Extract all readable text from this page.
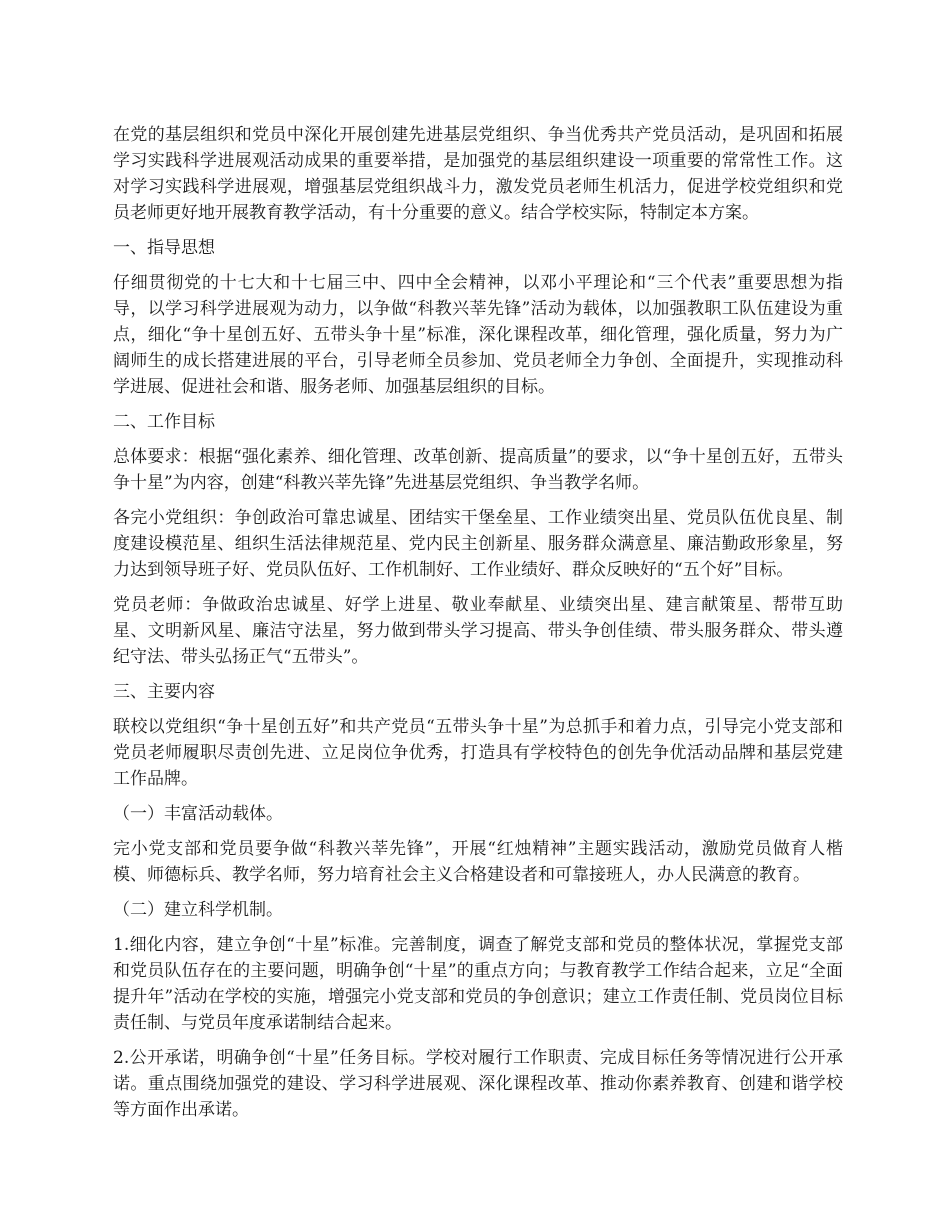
在党的基层组织和党员中深化开展创建先进基层党组织、争当优秀共产党员活动，是巩固和拓展学习实践科学进展观活动成果的重要举措，是加强党的基层组织建设一项重要的常常性工作。这对学习实践科学进展观，增强基层党组织战斗力，激发党员老师生机活力，促进学校党组织和党员老师更好地开展教育教学活动，有十分重要的意义。结合学校实际，特制定本方案。

一、指导思想

仔细贯彻党的十七大和十七届三中、四中全会精神，以邓小平理论和“三个代表”重要思想为指导，以学习科学进展观为动力，以争做“科教兴莘先锋”活动为载体，以加强教职工队伍建设为重点，细化“争十星创五好、五带头争十星”标准，深化课程改革，细化管理，强化质量，努力为广阔师生的成长搭建进展的平台，引导老师全员参加、党员老师全力争创、全面提升，实现推动科学进展、促进社会和谐、服务老师、加强基层组织的目标。

二、工作目标

总体要求：根据“强化素养、细化管理、改革创新、提高质量”的要求，以“争十星创五好，五带头争十星”为内容，创建“科教兴莘先锋”先进基层党组织、争当教学名师。

各完小党组织：争创政治可靠忠诚星、团结实干堡垒星、工作业绩突出星、党员队伍优良星、制度建设模范星、组织生活法律规范星、党内民主创新星、服务群众满意星、廉洁勤政形象星，努力达到领导班子好、党员队伍好、工作机制好、工作业绩好、群众反映好的“五个好”目标。

党员老师：争做政治忠诚星、好学上进星、敬业奉献星、业绩突出星、建言献策星、帮带互助星、文明新风星、廉洁守法星，努力做到带头学习提高、带头争创佳绩、带头服务群众、带头遵纪守法、带头弘扬正气“五带头”。

三、主要内容

联校以党组织“争十星创五好”和共产党员“五带头争十星”为总抓手和着力点，引导完小党支部和党员老师履职尽责创先进、立足岗位争优秀，打造具有学校特色的创先争优活动品牌和基层党建工作品牌。

（一）丰富活动载体。

完小党支部和党员要争做“科教兴莘先锋”，开展“红烛精神”主题实践活动，激励党员做育人楷模、师德标兵、教学名师，努力培育社会主义合格建设者和可靠接班人，办人民满意的教育。

（二）建立科学机制。

1.细化内容，建立争创“十星”标准。完善制度，调查了解党支部和党员的整体状况，掌握党支部和党员队伍存在的主要问题，明确争创“十星”的重点方向；与教育教学工作结合起来，立足“全面提升年”活动在学校的实施，增强完小党支部和党员的争创意识；建立工作责任制、党员岗位目标责任制、与党员年度承诺制结合起来。

2.公开承诺，明确争创“十星”任务目标。学校对履行工作职责、完成目标任务等情况进行公开承诺。重点围绕加强党的建设、学习科学进展观、深化课程改革、推动你素养教育、创建和谐学校等方面作出承诺。
